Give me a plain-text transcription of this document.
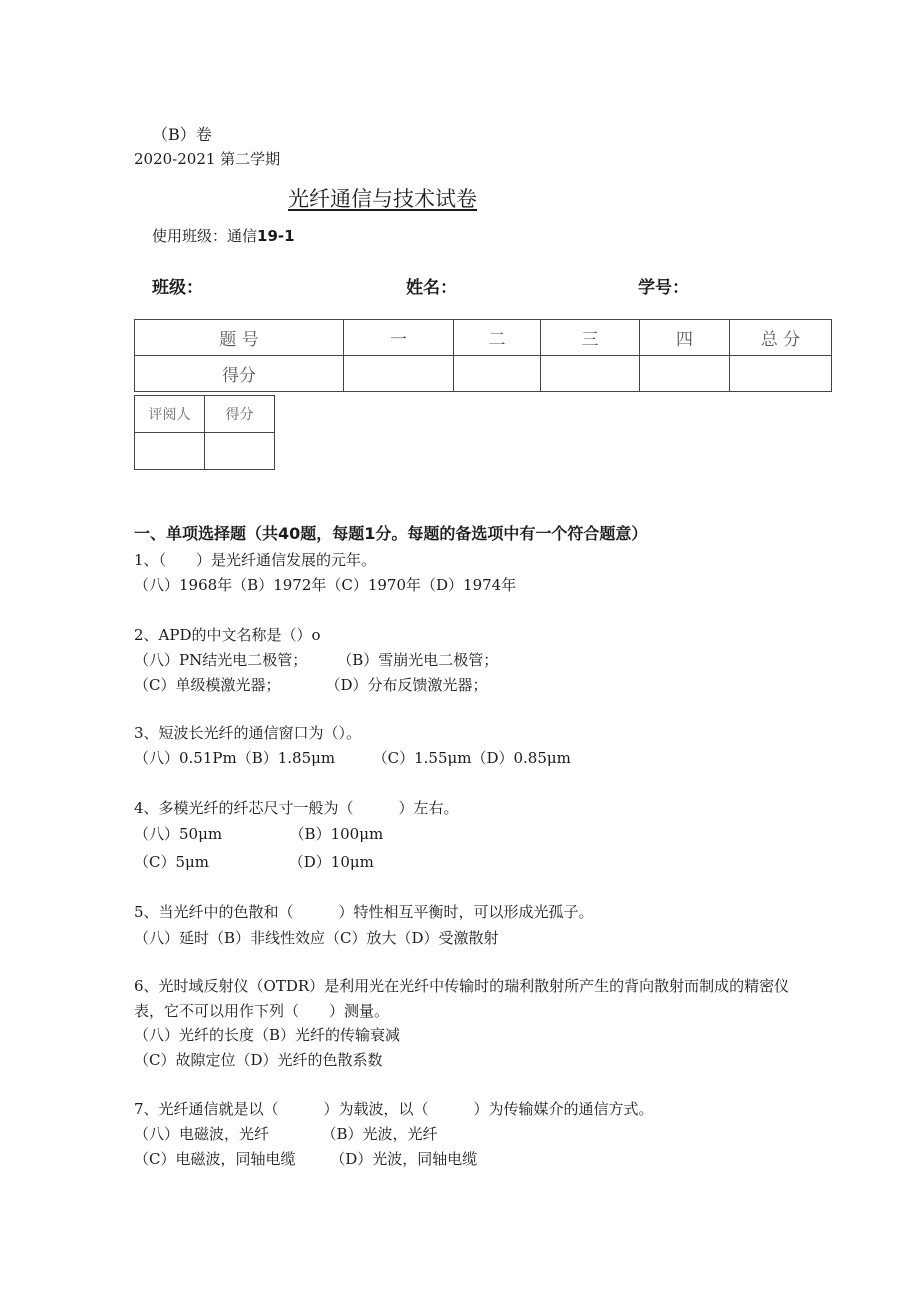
（B）卷
2020-2021 第二学期
光纤通信与技术试卷
使用班级：通信19-1
班级：	姓名：	学号：
题 号	一	二	三	四	总 分
得分					
评阅人	得分

一、单项选择题（共40题，每题1分。每题的备选项中有一个符合题意）
1、（　　）是光纤通信发展的元年。
（八）1968年（B）1972年（C）1970年（D）1974年
2、APD的中文名称是（）o
（八）PN结光电二极管；　　　（B）雪崩光电二极管；
（C）单级模激光器；　　　　（D）分布反馈激光器；
3、短波长光纤的通信窗口为（）。
（八）0.51Pm（B）1.85μm　　　（C）1.55μm（D）0.85μm
4、多模光纤的纤芯尺寸一般为（　　　）左右。
（八）50μm　　　　　（B）100μm
（C）5μm　　　　　 （D）10μm
5、当光纤中的色散和（　　　）特性相互平衡时，可以形成光孤子。
（八）延时（B）非线性效应（C）放大（D）受激散射
6、光时域反射仪（OTDR）是利用光在光纤中传输时的瑞利散射所产生的背向散射而制成的精密仪
表，它不可以用作下列（　　）测量。
（八）光纤的长度（B）光纤的传输衰减
（C）故隙定位（D）光纤的色散系数
7、光纤通信就是以（　　　）为载波，以（　　　）为传输媒介的通信方式。
（八）电磁波，光纤　　　　（B）光波，光纤
（C）电磁波，同轴电缆　　 （D）光波，同轴电缆
